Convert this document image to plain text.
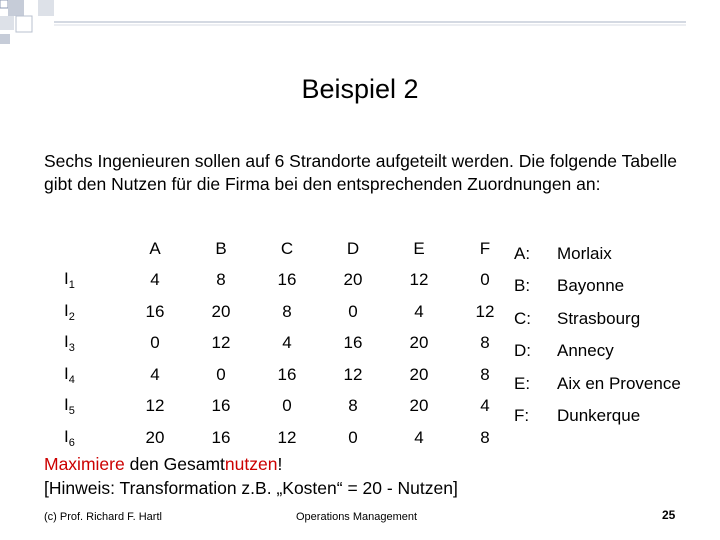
Beispiel 2
Sechs Ingenieuren sollen auf 6 Strandorte aufgeteilt werden. Die folgende Tabelle gibt den Nutzen für die Firma bei den entsprechenden Zuordnungen an:
	A	B	C	D	E	F
$I_1$	4	8	16	20	12	0
$I_2$	16	20	8	0	4	12
$I_3$	0	12	4	16	20	8
$I_4$	4	0	16	12	20	8
$I_5$	12	16	0	8	20	4
$I_6$	20	16	12	0	4	8
A:	Morlaix
B:	Bayonne
C:	Strasbourg
D:	Annecy
E:	Aix en Provence
F:	Dunkerque
Maximiere den Gesamtnutzen!
[Hinweis: Transformation z.B. „Kosten“ = 20 - Nutzen]
(c) Prof. Richard F. Hartl	Operations Management	25
